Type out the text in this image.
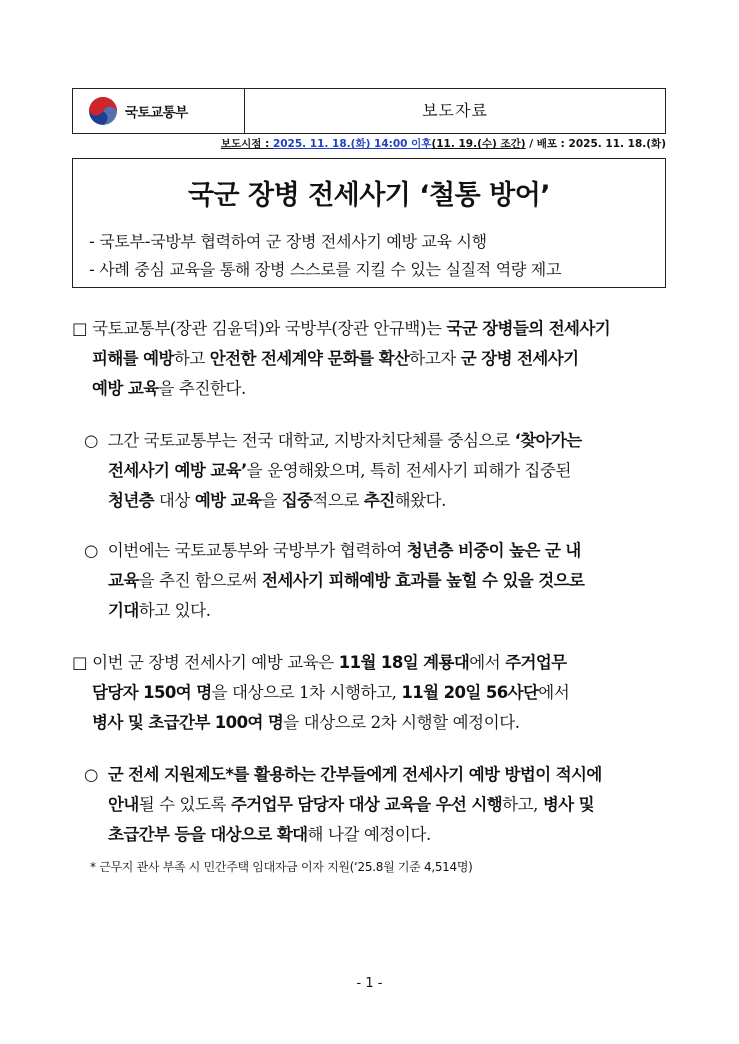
국토교통부	보도자료
보도시점 : 2025. 11. 18.(화) 14:00 이후(11. 19.(수) 조간) / 배포 : 2025. 11. 18.(화)
국군 장병 전세사기 ‘철통 방어’
- 국토부-국방부 협력하여 군 장병 전세사기 예방 교육 시행
- 사례 중심 교육을 통해 장병 스스로를 지킬 수 있는 실질적 역량 제고
□ 국토교통부(장관 김윤덕)와 국방부(장관 안규백)는 국군 장병들의 전세사기
피해를 예방하고 안전한 전세계약 문화를 확산하고자 군 장병 전세사기
예방 교육을 추진한다.
○ 그간 국토교통부는 전국 대학교, 지방자치단체를 중심으로 ‘찾아가는
전세사기 예방 교육’을 운영해왔으며, 특히 전세사기 피해가 집중된
청년층 대상 예방 교육을 집중적으로 추진해왔다.
○ 이번에는 국토교통부와 국방부가 협력하여 청년층 비중이 높은 군 내
교육을 추진 함으로써 전세사기 피해예방 효과를 높힐 수 있을 것으로
기대하고 있다.
□ 이번 군 장병 전세사기 예방 교육은 11월 18일 계룡대에서 주거업무
담당자 150여 명을 대상으로 1차 시행하고, 11월 20일 56사단에서
병사 및 초급간부 100여 명을 대상으로 2차 시행할 예정이다.
○ 군 전세 지원제도*를 활용하는 간부들에게 전세사기 예방 방법이 적시에
안내될 수 있도록 주거업무 담당자 대상 교육을 우선 시행하고, 병사 및
초급간부 등을 대상으로 확대해 나갈 예정이다.
* 근무지 관사 부족 시 민간주택 임대자금 이자 지원(‘25.8월 기준 4,514명)
- 1 -
